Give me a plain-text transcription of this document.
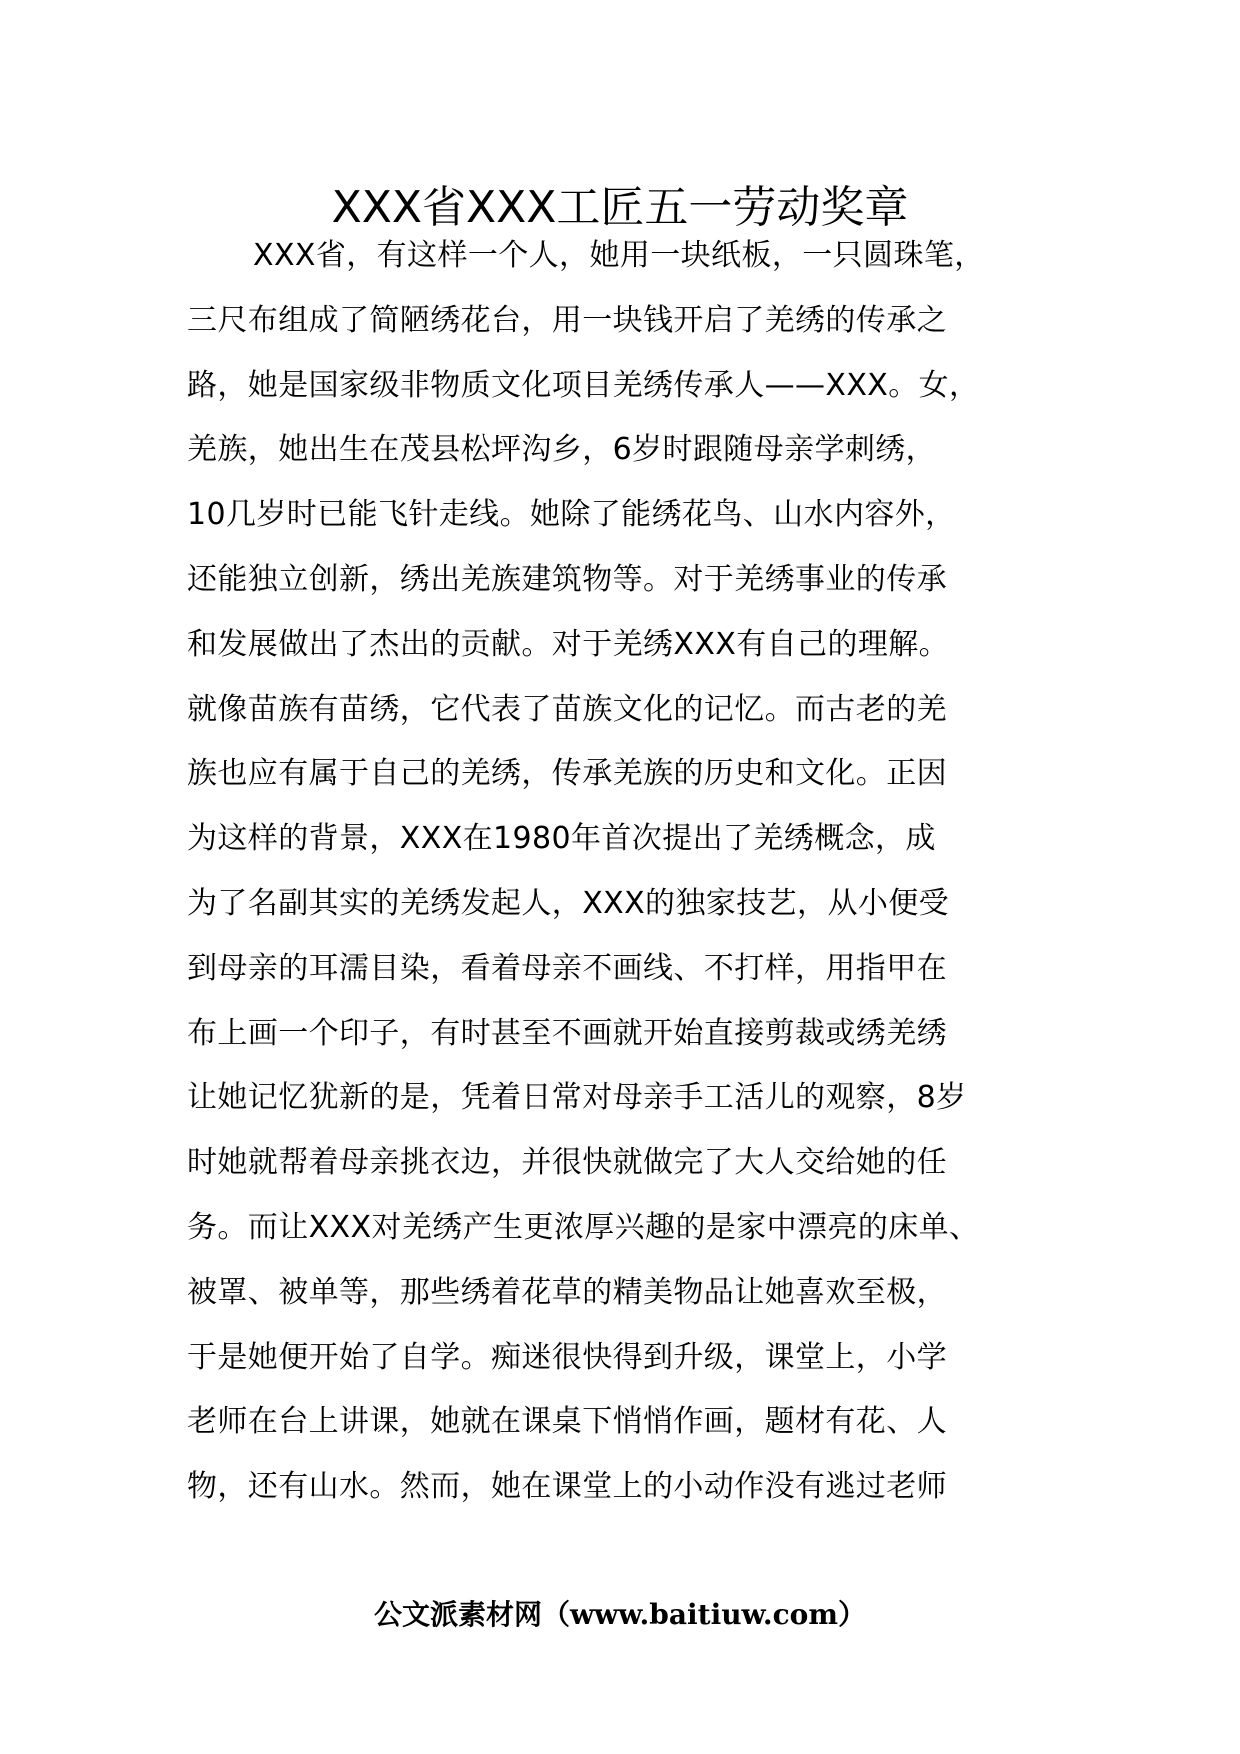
XXX省XXX工匠五一劳动奖章
XXX省，有这样一个人，她用一块纸板，一只圆珠笔，
三尺布组成了简陋绣花台，用一块钱开启了羌绣的传承之
路，她是国家级非物质文化项目羌绣传承人——XXX。女，
羌族，她出生在茂县松坪沟乡，6岁时跟随母亲学刺绣，
10几岁时已能飞针走线。她除了能绣花鸟、山水内容外，
还能独立创新，绣出羌族建筑物等。对于羌绣事业的传承
和发展做出了杰出的贡献。对于羌绣XXX有自己的理解。
就像苗族有苗绣，它代表了苗族文化的记忆。而古老的羌
族也应有属于自己的羌绣，传承羌族的历史和文化。正因
为这样的背景，XXX在1980年首次提出了羌绣概念，成
为了名副其实的羌绣发起人，XXX的独家技艺，从小便受
到母亲的耳濡目染，看着母亲不画线、不打样，用指甲在
布上画一个印子，有时甚至不画就开始直接剪裁或绣羌绣
让她记忆犹新的是，凭着日常对母亲手工活儿的观察，8岁
时她就帮着母亲挑衣边，并很快就做完了大人交给她的任
务。而让XXX对羌绣产生更浓厚兴趣的是家中漂亮的床单、
被罩、被单等，那些绣着花草的精美物品让她喜欢至极，
于是她便开始了自学。痴迷很快得到升级，课堂上，小学
老师在台上讲课，她就在课桌下悄悄作画，题材有花、人
物，还有山水。然而，她在课堂上的小动作没有逃过老师
公文派素材网（www.baitiuw.com）
